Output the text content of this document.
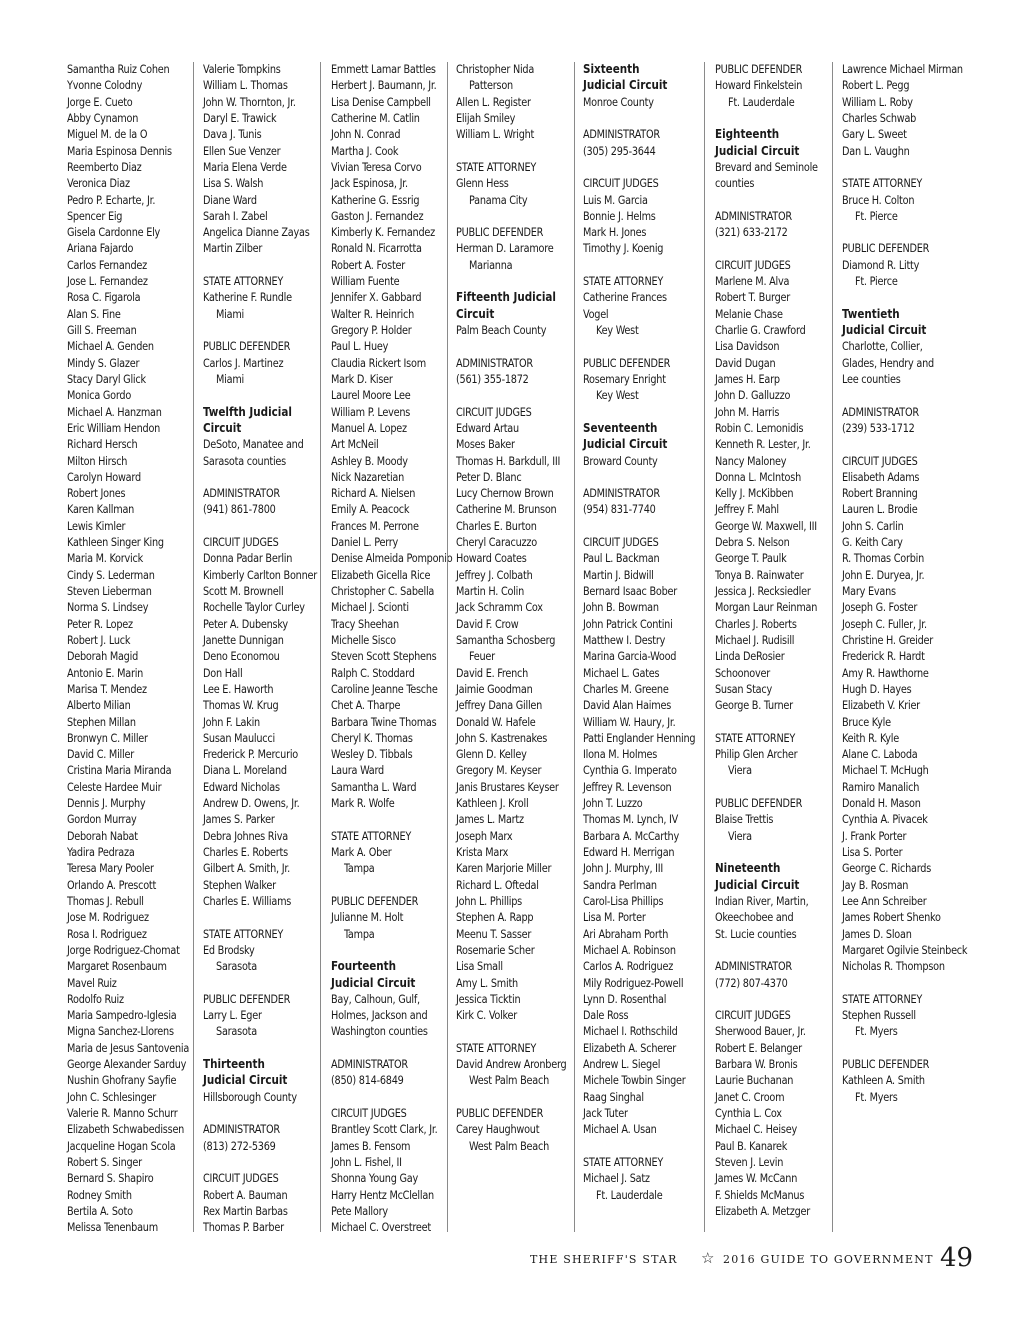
Samantha Ruiz Cohen
Yvonne Colodny
Jorge E. Cueto
Abby Cynamon
Miguel M. de la O
Maria Espinosa Dennis
Reemberto Diaz
Veronica Diaz
Pedro P. Echarte, Jr.
Spencer Eig
Gisela Cardonne Ely
Ariana Fajardo
Carlos Fernandez
Jose L. Fernandez
Rosa C. Figarola
Alan S. Fine
Gill S. Freeman
Michael A. Genden
Mindy S. Glazer
Stacy Daryl Glick
Monica Gordo
Michael A. Hanzman
Eric William Hendon
Richard Hersch
Milton Hirsch
Carolyn Howard
Robert Jones
Karen Kallman
Lewis Kimler
Kathleen Singer King
Maria M. Korvick
Cindy S. Lederman
Steven Lieberman
Norma S. Lindsey
Peter R. Lopez
Robert J. Luck
Deborah Magid
Antonio E. Marin
Marisa T. Mendez
Alberto Milian
Stephen Millan
Bronwyn C. Miller
David C. Miller
Cristina Maria Miranda
Celeste Hardee Muir
Dennis J. Murphy
Gordon Murray
Deborah Nabat
Yadira Pedraza
Teresa Mary Pooler
Orlando A. Prescott
Thomas J. Rebull
Jose M. Rodriguez
Rosa I. Rodriguez
Jorge Rodriguez-Chomat
Margaret Rosenbaum
Mavel Ruiz
Rodolfo Ruiz
Maria Sampedro-Iglesia
Migna Sanchez-Llorens
Maria de Jesus Santovenia
George Alexander Sarduy
Nushin Ghofrany Sayfie
John C. Schlesinger
Valerie R. Manno Schurr
Elizabeth Schwabedissen
Jacqueline Hogan Scola
Robert S. Singer
Bernard S. Shapiro
Rodney Smith
Bertila A. Soto
Melissa Tenenbaum
Valerie Tompkins
William L. Thomas
John W. Thornton, Jr.
Daryl E. Trawick
Dava J. Tunis
Ellen Sue Venzer
Maria Elena Verde
Lisa S. Walsh
Diane Ward
Sarah I. Zabel
Angelica Dianne Zayas
Martin Zilber
STATE ATTORNEY
Katherine F. Rundle
Miami
PUBLIC DEFENDER
Carlos J. Martinez
Miami
Twelfth Judicial
Circuit
DeSoto, Manatee and
Sarasota counties
ADMINISTRATOR
(941) 861-7800
CIRCUIT JUDGES
Donna Padar Berlin
Kimberly Carlton Bonner
Scott M. Brownell
Rochelle Taylor Curley
Peter A. Dubensky
Janette Dunnigan
Deno Economou
Don Hall
Lee E. Haworth
Thomas W. Krug
John F. Lakin
Susan Maulucci
Frederick P. Mercurio
Diana L. Moreland
Edward Nicholas
Andrew D. Owens, Jr.
James S. Parker
Debra Johnes Riva
Charles E. Roberts
Gilbert A. Smith, Jr.
Stephen Walker
Charles E. Williams
STATE ATTORNEY
Ed Brodsky
Sarasota
PUBLIC DEFENDER
Larry L. Eger
Sarasota
Thirteenth
Judicial Circuit
Hillsborough County
ADMINISTRATOR
(813) 272-5369
CIRCUIT JUDGES
Robert A. Bauman
Rex Martin Barbas
Thomas P. Barber
Emmett Lamar Battles
Herbert J. Baumann, Jr.
Lisa Denise Campbell
Catherine M. Catlin
John N. Conrad
Martha J. Cook
Vivian Teresa Corvo
Jack Espinosa, Jr.
Katherine G. Essrig
Gaston J. Fernandez
Kimberly K. Fernandez
Ronald N. Ficarrotta
Robert A. Foster
William Fuente
Jennifer X. Gabbard
Walter R. Heinrich
Gregory P. Holder
Paul L. Huey
Claudia Rickert Isom
Mark D. Kiser
Laurel Moore Lee
William P. Levens
Manuel A. Lopez
Art McNeil
Ashley B. Moody
Nick Nazaretian
Richard A. Nielsen
Emily A. Peacock
Frances M. Perrone
Daniel L. Perry
Denise Almeida Pomponio
Elizabeth Gicella Rice
Christopher C. Sabella
Michael J. Scionti
Tracy Sheehan
Michelle Sisco
Steven Scott Stephens
Ralph C. Stoddard
Caroline Jeanne Tesche
Chet A. Tharpe
Barbara Twine Thomas
Cheryl K. Thomas
Wesley D. Tibbals
Laura Ward
Samantha L. Ward
Mark R. Wolfe
STATE ATTORNEY
Mark A. Ober
Tampa
PUBLIC DEFENDER
Julianne M. Holt
Tampa
Fourteenth
Judicial Circuit
Bay, Calhoun, Gulf,
Holmes, Jackson and
Washington counties
ADMINISTRATOR
(850) 814-6849
CIRCUIT JUDGES
Brantley Scott Clark, Jr.
James B. Fensom
John L. Fishel, II
Shonna Young Gay
Harry Hentz McClellan
Pete Mallory
Michael C. Overstreet
Christopher Nida
Patterson
Allen L. Register
Elijah Smiley
William L. Wright
STATE ATTORNEY
Glenn Hess
Panama City
PUBLIC DEFENDER
Herman D. Laramore
Marianna
Fifteenth Judicial
Circuit
Palm Beach County
ADMINISTRATOR
(561) 355-1872
CIRCUIT JUDGES
Edward Artau
Moses Baker
Thomas H. Barkdull, III
Peter D. Blanc
Lucy Chernow Brown
Catherine M. Brunson
Charles E. Burton
Cheryl Caracuzzo
Howard Coates
Jeffrey J. Colbath
Martin H. Colin
Jack Schramm Cox
David F. Crow
Samantha Schosberg
Feuer
David E. French
Jaimie Goodman
Jeffrey Dana Gillen
Donald W. Hafele
John S. Kastrenakes
Glenn D. Kelley
Gregory M. Keyser
Janis Brustares Keyser
Kathleen J. Kroll
James L. Martz
Joseph Marx
Krista Marx
Karen Marjorie Miller
Richard L. Oftedal
John L. Phillips
Stephen A. Rapp
Meenu T. Sasser
Rosemarie Scher
Lisa Small
Amy L. Smith
Jessica Ticktin
Kirk C. Volker
STATE ATTORNEY
David Andrew Aronberg
West Palm Beach
PUBLIC DEFENDER
Carey Haughwout
West Palm Beach
Sixteenth
Judicial Circuit
Monroe County
ADMINISTRATOR
(305) 295-3644
CIRCUIT JUDGES
Luis M. Garcia
Bonnie J. Helms
Mark H. Jones
Timothy J. Koenig
STATE ATTORNEY
Catherine Frances
Vogel
Key West
PUBLIC DEFENDER
Rosemary Enright
Key West
Seventeenth
Judicial Circuit
Broward County
ADMINISTRATOR
(954) 831-7740
CIRCUIT JUDGES
Paul L. Backman
Martin J. Bidwill
Bernard Isaac Bober
John B. Bowman
John Patrick Contini
Matthew I. Destry
Marina Garcia-Wood
Michael L. Gates
Charles M. Greene
David Alan Haimes
William W. Haury, Jr.
Patti Englander Henning
Ilona M. Holmes
Cynthia G. Imperato
Jeffrey R. Levenson
John T. Luzzo
Thomas M. Lynch, IV
Barbara A. McCarthy
Edward H. Merrigan
John J. Murphy, III
Sandra Perlman
Carol-Lisa Phillips
Lisa M. Porter
Ari Abraham Porth
Michael A. Robinson
Carlos A. Rodriguez
Mily Rodriguez-Powell
Lynn D. Rosenthal
Dale Ross
Michael I. Rothschild
Elizabeth A. Scherer
Andrew L. Siegel
Michele Towbin Singer
Raag Singhal
Jack Tuter
Michael A. Usan
STATE ATTORNEY
Michael J. Satz
Ft. Lauderdale
PUBLIC DEFENDER
Howard Finkelstein
Ft. Lauderdale
Eighteenth
Judicial Circuit
Brevard and Seminole
counties
ADMINISTRATOR
(321) 633-2172
CIRCUIT JUDGES
Marlene M. Alva
Robert T. Burger
Melanie Chase
Charlie G. Crawford
Lisa Davidson
David Dugan
James H. Earp
John D. Galluzzo
John M. Harris
Robin C. Lemonidis
Kenneth R. Lester, Jr.
Nancy Maloney
Donna L. McIntosh
Kelly J. McKibben
Jeffrey F. Mahl
George W. Maxwell, III
Debra S. Nelson
George T. Paulk
Tonya B. Rainwater
Jessica J. Recksiedler
Morgan Laur Reinman
Charles J. Roberts
Michael J. Rudisill
Linda DeRosier
Schoonover
Susan Stacy
George B. Turner
STATE ATTORNEY
Philip Glen Archer
Viera
PUBLIC DEFENDER
Blaise Trettis
Viera
Nineteenth
Judicial Circuit
Indian River, Martin,
Okeechobee and
St. Lucie counties
ADMINISTRATOR
(772) 807-4370
CIRCUIT JUDGES
Sherwood Bauer, Jr.
Robert E. Belanger
Barbara W. Bronis
Laurie Buchanan
Janet C. Croom
Cynthia L. Cox
Michael C. Heisey
Paul B. Kanarek
Steven J. Levin
James W. McCann
F. Shields McManus
Elizabeth A. Metzger
Lawrence Michael Mirman
Robert L. Pegg
William L. Roby
Charles Schwab
Gary L. Sweet
Dan L. Vaughn
STATE ATTORNEY
Bruce H. Colton
Ft. Pierce
PUBLIC DEFENDER
Diamond R. Litty
Ft. Pierce
Twentieth
Judicial Circuit
Charlotte, Collier,
Glades, Hendry and
Lee counties
ADMINISTRATOR
(239) 533-1712
CIRCUIT JUDGES
Elisabeth Adams
Robert Branning
Lauren L. Brodie
John S. Carlin
G. Keith Cary
R. Thomas Corbin
John E. Duryea, Jr.
Mary Evans
Joseph G. Foster
Joseph C. Fuller, Jr.
Christine H. Greider
Frederick R. Hardt
Amy R. Hawthorne
Hugh D. Hayes
Elizabeth V. Krier
Bruce Kyle
Keith R. Kyle
Alane C. Laboda
Michael T. McHugh
Ramiro Manalich
Donald H. Mason
Cynthia A. Pivacek
J. Frank Porter
Lisa S. Porter
George C. Richards
Jay B. Rosman
Lee Ann Schreiber
James Robert Shenko
James D. Sloan
Margaret Ogilvie Steinbeck
Nicholas R. Thompson
STATE ATTORNEY
Stephen Russell
Ft. Myers
PUBLIC DEFENDER
Kathleen A. Smith
Ft. Myers
THE SHERIFF'S STAR ☆ 2016 GUIDE TO GOVERNMENT 49
